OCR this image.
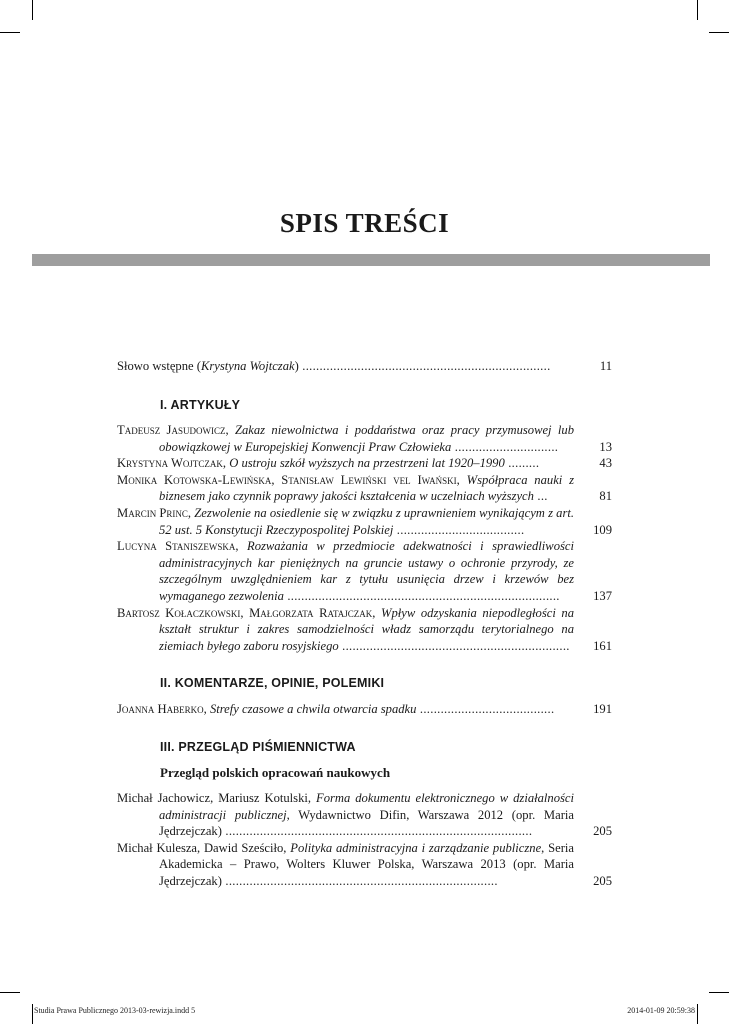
SPIS TREŚCI
Słowo wstępne (Krystyna Wojtczak) ........................................................................	11
I. ARTYKUŁY
Tadeusz Jasudowicz, Zakaz niewolnictwa i poddaństwa oraz pracy przymusowej lub obowiązkowej w Europejskiej Konwencji Praw Człowieka ..............................	13
Krystyna Wojtczak, O ustroju szkół wyższych na przestrzeni lat 1920–1990 .........	43
Monika Kotowska-Lewińska, Stanisław Lewiński vel Iwański, Współpraca nauki z biznesem jako czynnik poprawy jakości kształcenia w uczelniach wyższych ...	81
Marcin Princ, Zezwolenie na osiedlenie się w związku z uprawnieniem wynikającym z art. 52 ust. 5 Konstytucji Rzeczypospolitej Polskiej .....................................	109
Lucyna Staniszewska, Rozważania w przedmiocie adekwatności i sprawiedliwości administracyjnych kar pieniężnych na gruncie ustawy o ochronie przyrody, ze szczególnym uwzględnieniem kar z tytułu usunięcia drzew i krzewów bez wymaganego zezwolenia ...............................................................................	137
Bartosz Kołaczkowski, Małgorzata Ratajczak, Wpływ odzyskania niepodległości na kształt struktur i zakres samodzielności władz samorządu terytorialnego na ziemiach byłego zaboru rosyjskiego ..................................................................	161
II. KOMENTARZE, OPINIE, POLEMIKI
Joanna Haberko, Strefy czasowe a chwila otwarcia spadku .......................................	191
III. PRZEGLĄD PIŚMIENNICTWA
Przegląd polskich opracowań naukowych
Michał Jachowicz, Mariusz Kotulski, Forma dokumentu elektronicznego w działalności administracji publicznej, Wydawnictwo Difin, Warszawa 2012 (opr. Maria Jędrzejczak) .........................................................................................	205
Michał Kulesza, Dawid Sześciło, Polityka administracyjna i zarządzanie publiczne, Seria Akademicka – Prawo, Wolters Kluwer Polska, Warszawa 2013 (opr. Maria Jędrzejczak) ...............................................................................	205
Studia Prawa Publicznego 2013-03-rewizja.indd 5	2014-01-09 20:59:38
